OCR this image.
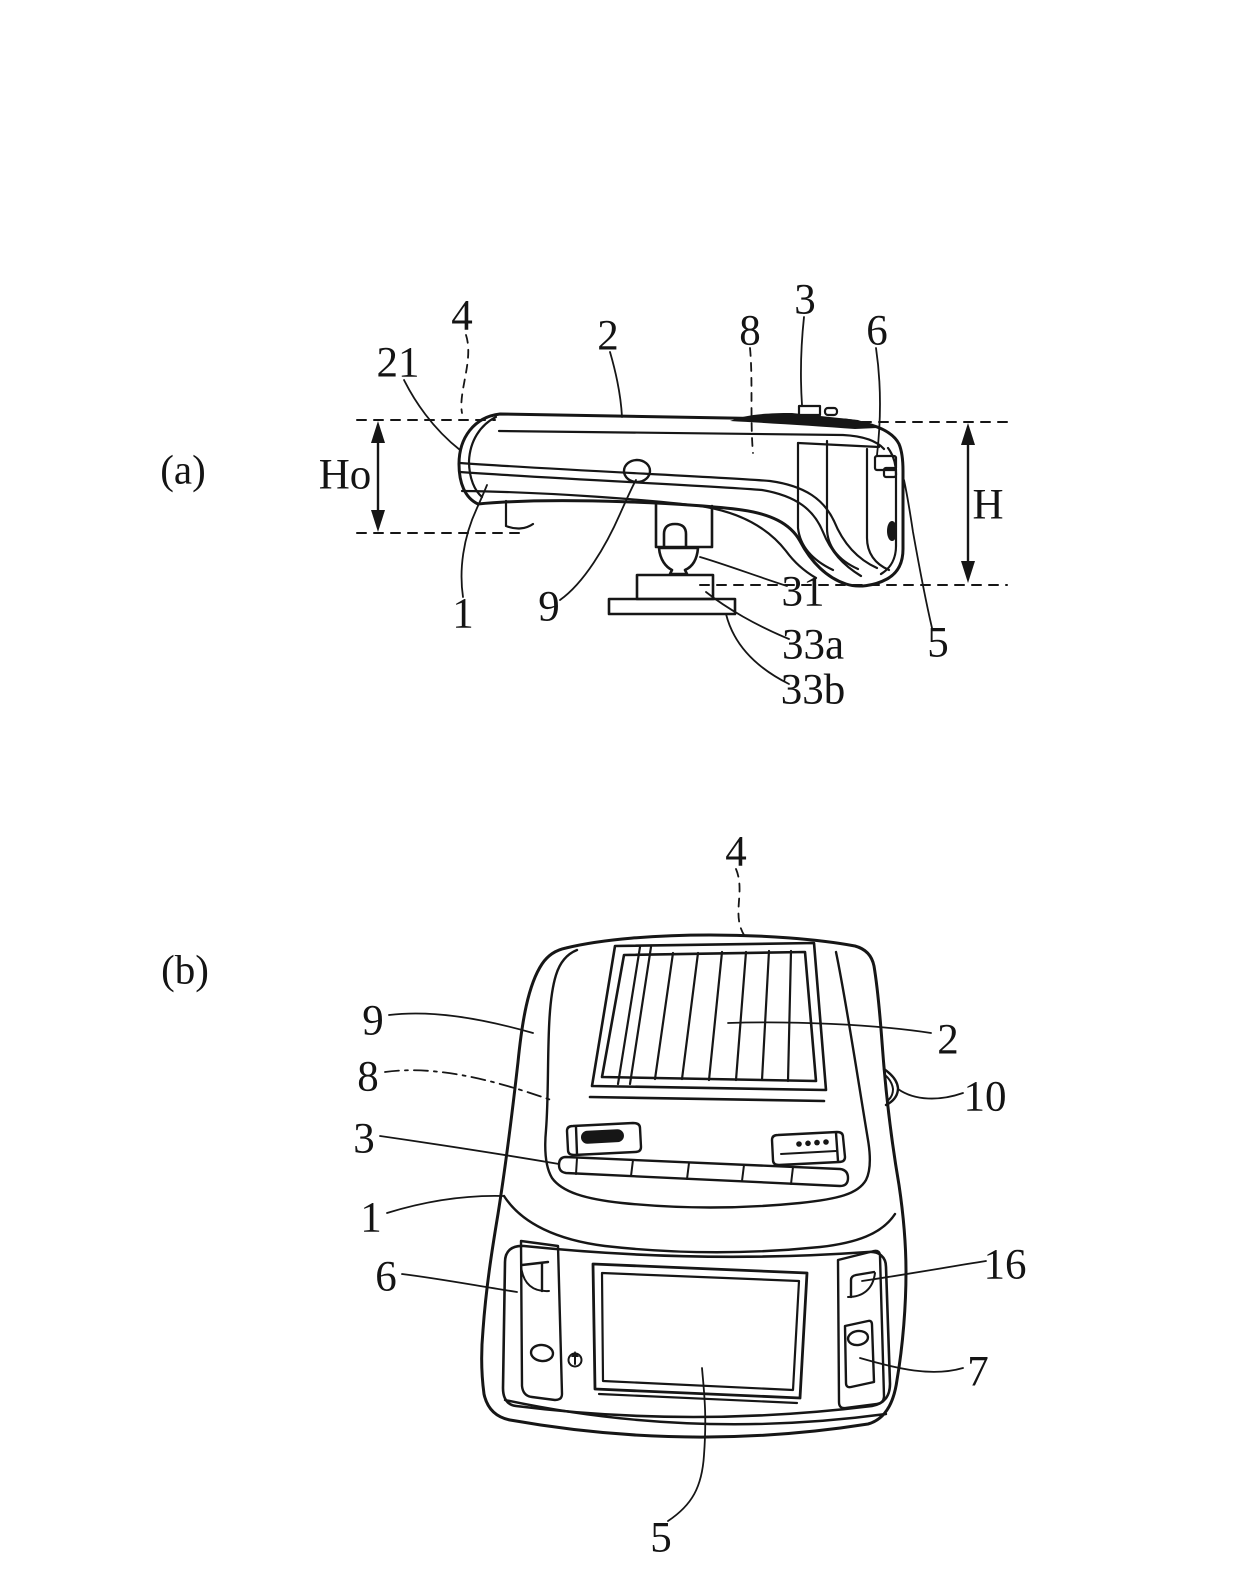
(a)
(b)
Ho
H
4
21
2	8
3
6
1 9	31
33a
33b
5
4
9	2
8	10
3
1
6	16
7
5
